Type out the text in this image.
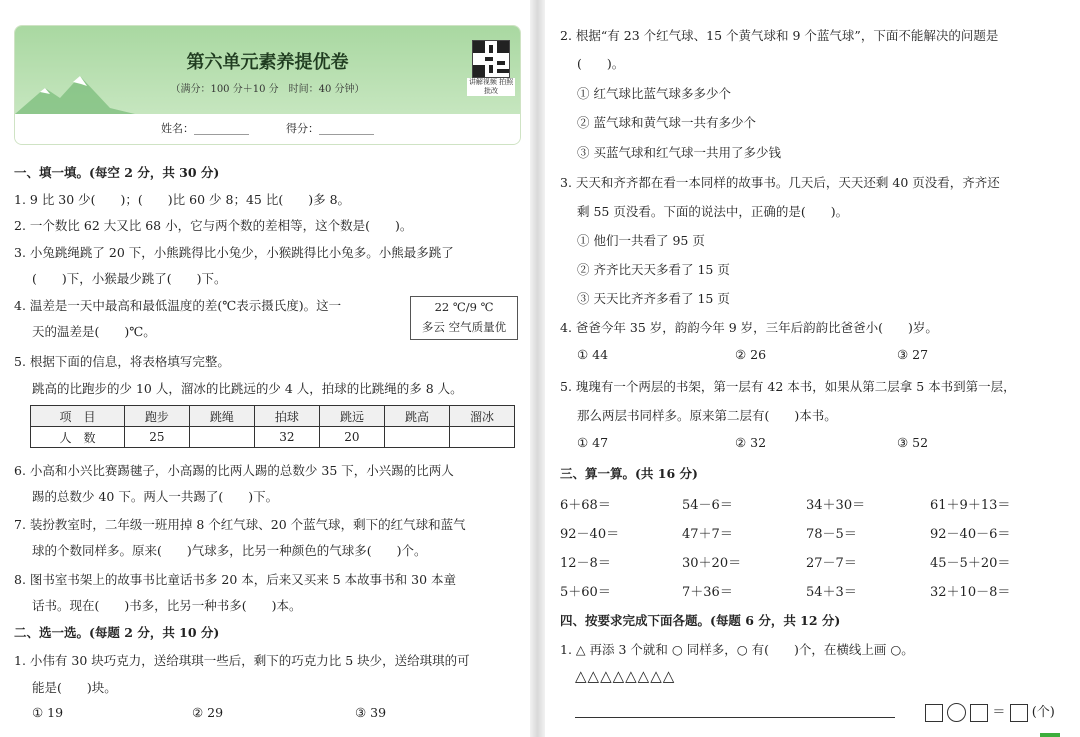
第六单元素养提优卷
（满分：100 分＋10 分　时间：40 分钟）
讲解视频 拍照批改
姓名：__________	得分：__________
一、填一填。(每空 2 分，共 30 分)
1. 9 比 30 少(　　)；(　　)比 60 少 8；45 比(　　)多 8。
2. 一个数比 62 大又比 68 小，它与两个数的差相等，这个数是(　　)。
3. 小兔跳绳跳了 20 下，小熊跳得比小兔少，小猴跳得比小兔多。小熊最多跳了
(　　)下，小猴最少跳了(　　)下。
4. 温差是一天中最高和最低温度的差(℃表示摄氏度)。这一
天的温差是(　　)℃。
22 ℃/9 ℃
多云 空气质量优
5. 根据下面的信息，将表格填写完整。
跳高的比跑步的少 10 人，溜冰的比跳远的少 4 人，拍球的比跳绳的多 8 人。
项　目	跑步	跳绳	拍球	跳远	跳高	溜冰
人　数	25		32	20		
6. 小高和小兴比赛踢毽子，小高踢的比两人踢的总数少 35 下，小兴踢的比两人
踢的总数少 40 下。两人一共踢了(　　)下。
7. 装扮教室时，二年级一班用掉 8 个红气球、20 个蓝气球，剩下的红气球和蓝气
球的个数同样多。原来(　　)气球多，比另一种颜色的气球多(　　)个。
8. 图书室书架上的故事书比童话书多 20 本，后来又买来 5 本故事书和 30 本童
话书。现在(　　)书多，比另一种书多(　　)本。
二、选一选。(每题 2 分，共 10 分)
1. 小伟有 30 块巧克力，送给琪琪一些后，剩下的巧克力比 5 块少，送给琪琪的可
能是(　　)块。
① 19	② 29	③ 39
2. 根据“有 23 个红气球、15 个黄气球和 9 个蓝气球”，下面不能解决的问题是
(　　)。
① 红气球比蓝气球多多少个
② 蓝气球和黄气球一共有多少个
③ 买蓝气球和红气球一共用了多少钱
3. 天天和齐齐都在看一本同样的故事书。几天后，天天还剩 40 页没看，齐齐还
剩 55 页没看。下面的说法中，正确的是(　　)。
① 他们一共看了 95 页
② 齐齐比天天多看了 15 页
③ 天天比齐齐多看了 15 页
4. 爸爸今年 35 岁，韵韵今年 9 岁，三年后韵韵比爸爸小(　　)岁。
① 44	② 26	③ 27
5. 瑰瑰有一个两层的书架，第一层有 42 本书，如果从第二层拿 5 本书到第一层，
那么两层书同样多。原来第二层有(　　)本书。
① 47	② 32	③ 52
三、算一算。(共 16 分)
6＋68＝	54－6＝	34＋30＝	61＋9＋13＝
92－40＝	47＋7＝	78－5＝	92－40－6＝
12－8＝	30＋20＝	27－7＝	45－5＋20＝
5＋60＝	7＋36＝	54＋3＝	32＋10－8＝
四、按要求完成下面各题。(每题 6 分，共 12 分)
1. △ 再添 3 个就和 ○ 同样多，○ 有(　　)个，在横线上画 ○。
△△△△△△△△
＝ (个)
